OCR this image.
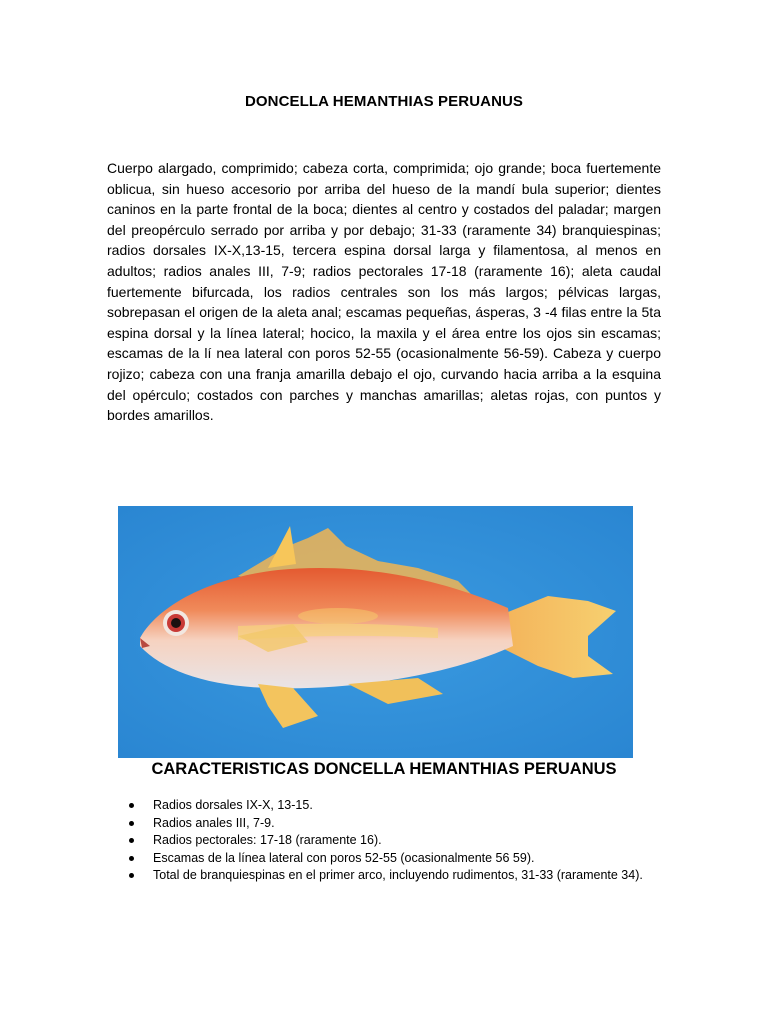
DONCELLA HEMANTHIAS PERUANUS

Cuerpo alargado, comprimido; cabeza corta, comprimida; ojo grande; boca fuertemente oblicua, sin hueso accesorio por arriba del hueso de la mandí bula superior; dientes caninos en la parte frontal de la boca; dientes al centro y costados del paladar; margen del preopérculo serrado por arriba y por debajo; 31-33 (raramente 34) branquiespinas; radios dorsales IX-X,13-15, tercera espina dorsal larga y filamentosa, al menos en adultos; radios anales III, 7-9; radios pectorales 17-18 (raramente 16); aleta caudal fuertemente bifurcada, los radios centrales son los más largos; pélvicas largas, sobrepasan el origen de la aleta anal; escamas pequeñas, ásperas, 3 -4 filas entre la 5ta espina dorsal y la línea lateral; hocico, la maxila y el área entre los ojos sin escamas; escamas de la lí nea lateral con poros 52-55 (ocasionalmente 56-59). Cabeza y cuerpo rojizo; cabeza con una franja amarilla debajo el ojo, curvando hacia arriba a la esquina del opérculo; costados con parches y manchas amarillas; aletas rojas, con puntos y bordes amarillos.

CARACTERISTICAS DONCELLA HEMANTHIAS PERUANUS
Radios dorsales IX-X, 13-15.
Radios anales III, 7-9.
Radios pectorales: 17-18 (raramente 16).
Escamas de la línea lateral con poros 52-55 (ocasionalmente 56 59).
Total de branquiespinas en el primer arco, incluyendo rudimentos, 31-33 (raramente 34).
